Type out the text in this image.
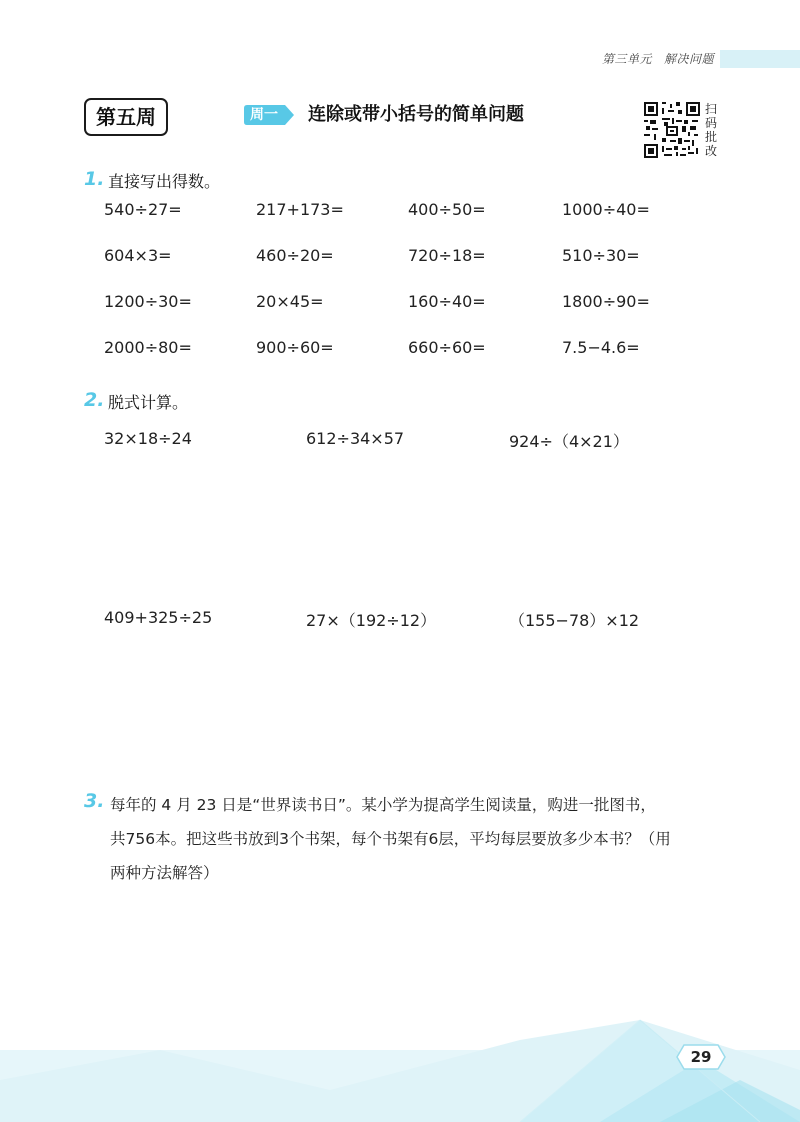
第三单元 解决问题
第五周	周一	连除或带小括号的简单问题	扫
码
批
改
1. 直接写出得数。
540÷27=	217+173=	400÷50=	1000÷40=
604×3=	460÷20=	720÷18=	510÷30=
1200÷30=	20×45=	160÷40=	1800÷90=
2000÷80=	900÷60=	660÷60=	7.5−4.6=
2. 脱式计算。
32×18÷24	612÷34×57	924÷（4×21）
409+325÷25	27×（192÷12）	（155−78）×12
3. 每年的 4 月 23 日是“世界读书日”。某小学为提高学生阅读量，购进一批图书，
共756本。把这些书放到3个书架，每个书架有6层，平均每层要放多少本书？（用
两种方法解答）
29
